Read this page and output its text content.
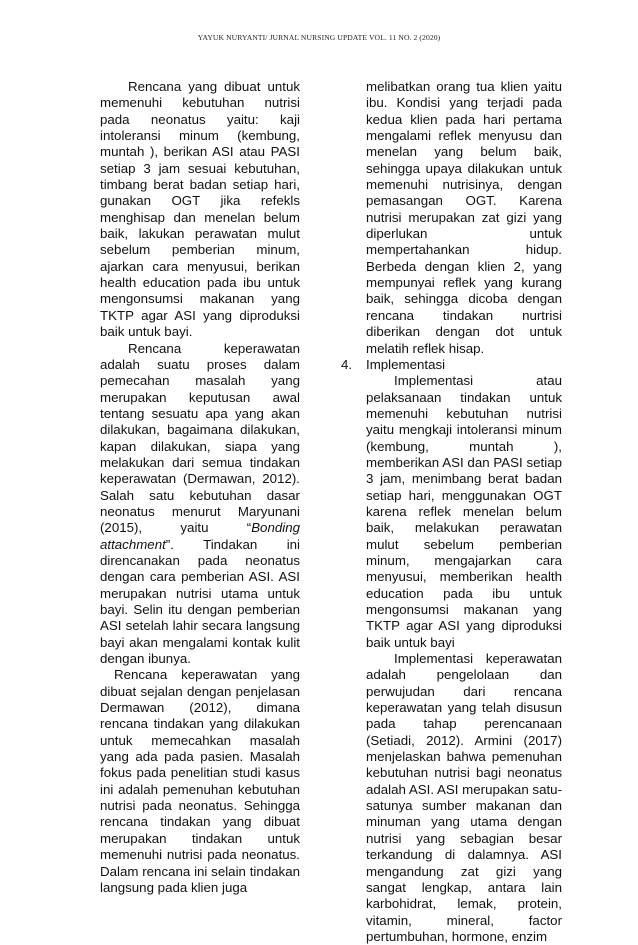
YAYUK NURYANTI/ JURNAL NURSING UPDATE VOL. 11 NO. 2 (2020)

Rencana yang dibuat untuk memenuhi kebutuhan nutrisi pada neonatus yaitu: kaji intoleransi minum (kembung, muntah ), berikan ASI atau PASI setiap 3 jam sesuai kebutuhan, timbang berat badan setiap hari, gunakan OGT jika refekls menghisap dan menelan belum baik, lakukan perawatan mulut sebelum pemberian minum, ajarkan cara menyusui, berikan health education pada ibu untuk mengonsumsi makanan yang TKTP agar ASI yang diproduksi baik untuk bayi.

Rencana keperawatan adalah suatu proses dalam pemecahan masalah yang merupakan keputusan awal tentang sesuatu apa yang akan dilakukan, bagaimana dilakukan, kapan dilakukan, siapa yang melakukan dari semua tindakan keperawatan (Dermawan, 2012). Salah satu kebutuhan dasar neonatus menurut Maryunani (2015), yaitu “Bonding attachment”. Tindakan ini direncanakan pada neonatus dengan cara pemberian ASI. ASI merupakan nutrisi utama untuk bayi. Selin itu dengan pemberian ASI setelah lahir secara langsung bayi akan mengalami kontak kulit dengan ibunya.

Rencana keperawatan yang dibuat sejalan dengan penjelasan Dermawan (2012), dimana rencana tindakan yang dilakukan untuk memecahkan masalah yang ada pada pasien. Masalah fokus pada penelitian studi kasus ini adalah pemenuhan kebutuhan nutrisi pada neonatus. Sehingga rencana tindakan yang dibuat merupakan tindakan untuk memenuhi nutrisi pada neonatus. Dalam rencana ini selain tindakan langsung pada klien juga

melibatkan orang tua klien yaitu ibu. Kondisi yang terjadi pada kedua klien pada hari pertama mengalami reflek menyusu dan menelan yang belum baik, sehingga upaya dilakukan untuk memenuhi nutrisinya, dengan pemasangan OGT. Karena nutrisi merupakan zat gizi yang diperlukan untuk mempertahankan hidup. Berbeda dengan klien 2, yang mempunyai reflek yang kurang baik, sehingga dicoba dengan rencana tindakan nurtrisi diberikan dengan dot untuk melatih reflek hisap.

4. Implementasi

Implementasi atau pelaksanaan tindakan untuk memenuhi kebutuhan nutrisi yaitu mengkaji intoleransi minum (kembung, muntah ), memberikan ASI dan PASI setiap 3 jam, menimbang berat badan setiap hari, menggunakan OGT karena reflek menelan belum baik, melakukan perawatan mulut sebelum pemberian minum, mengajarkan cara menyusui, memberikan health education pada ibu untuk mengonsumsi makanan yang TKTP agar ASI yang diproduksi baik untuk bayi

Implementasi keperawatan adalah pengelolaan dan perwujudan dari rencana keperawatan yang telah disusun pada tahap perencanaan (Setiadi, 2012). Armini (2017) menjelaskan bahwa pemenuhan kebutuhan nutrisi bagi neonatus adalah ASI. ASI merupakan satu-satunya sumber makanan dan minuman yang utama dengan nutrisi yang sebagian besar terkandung di dalamnya. ASI mengandung zat gizi yang sangat lengkap, antara lain karbohidrat, lemak, protein, vitamin, mineral, factor pertumbuhan, hormone, enzim
